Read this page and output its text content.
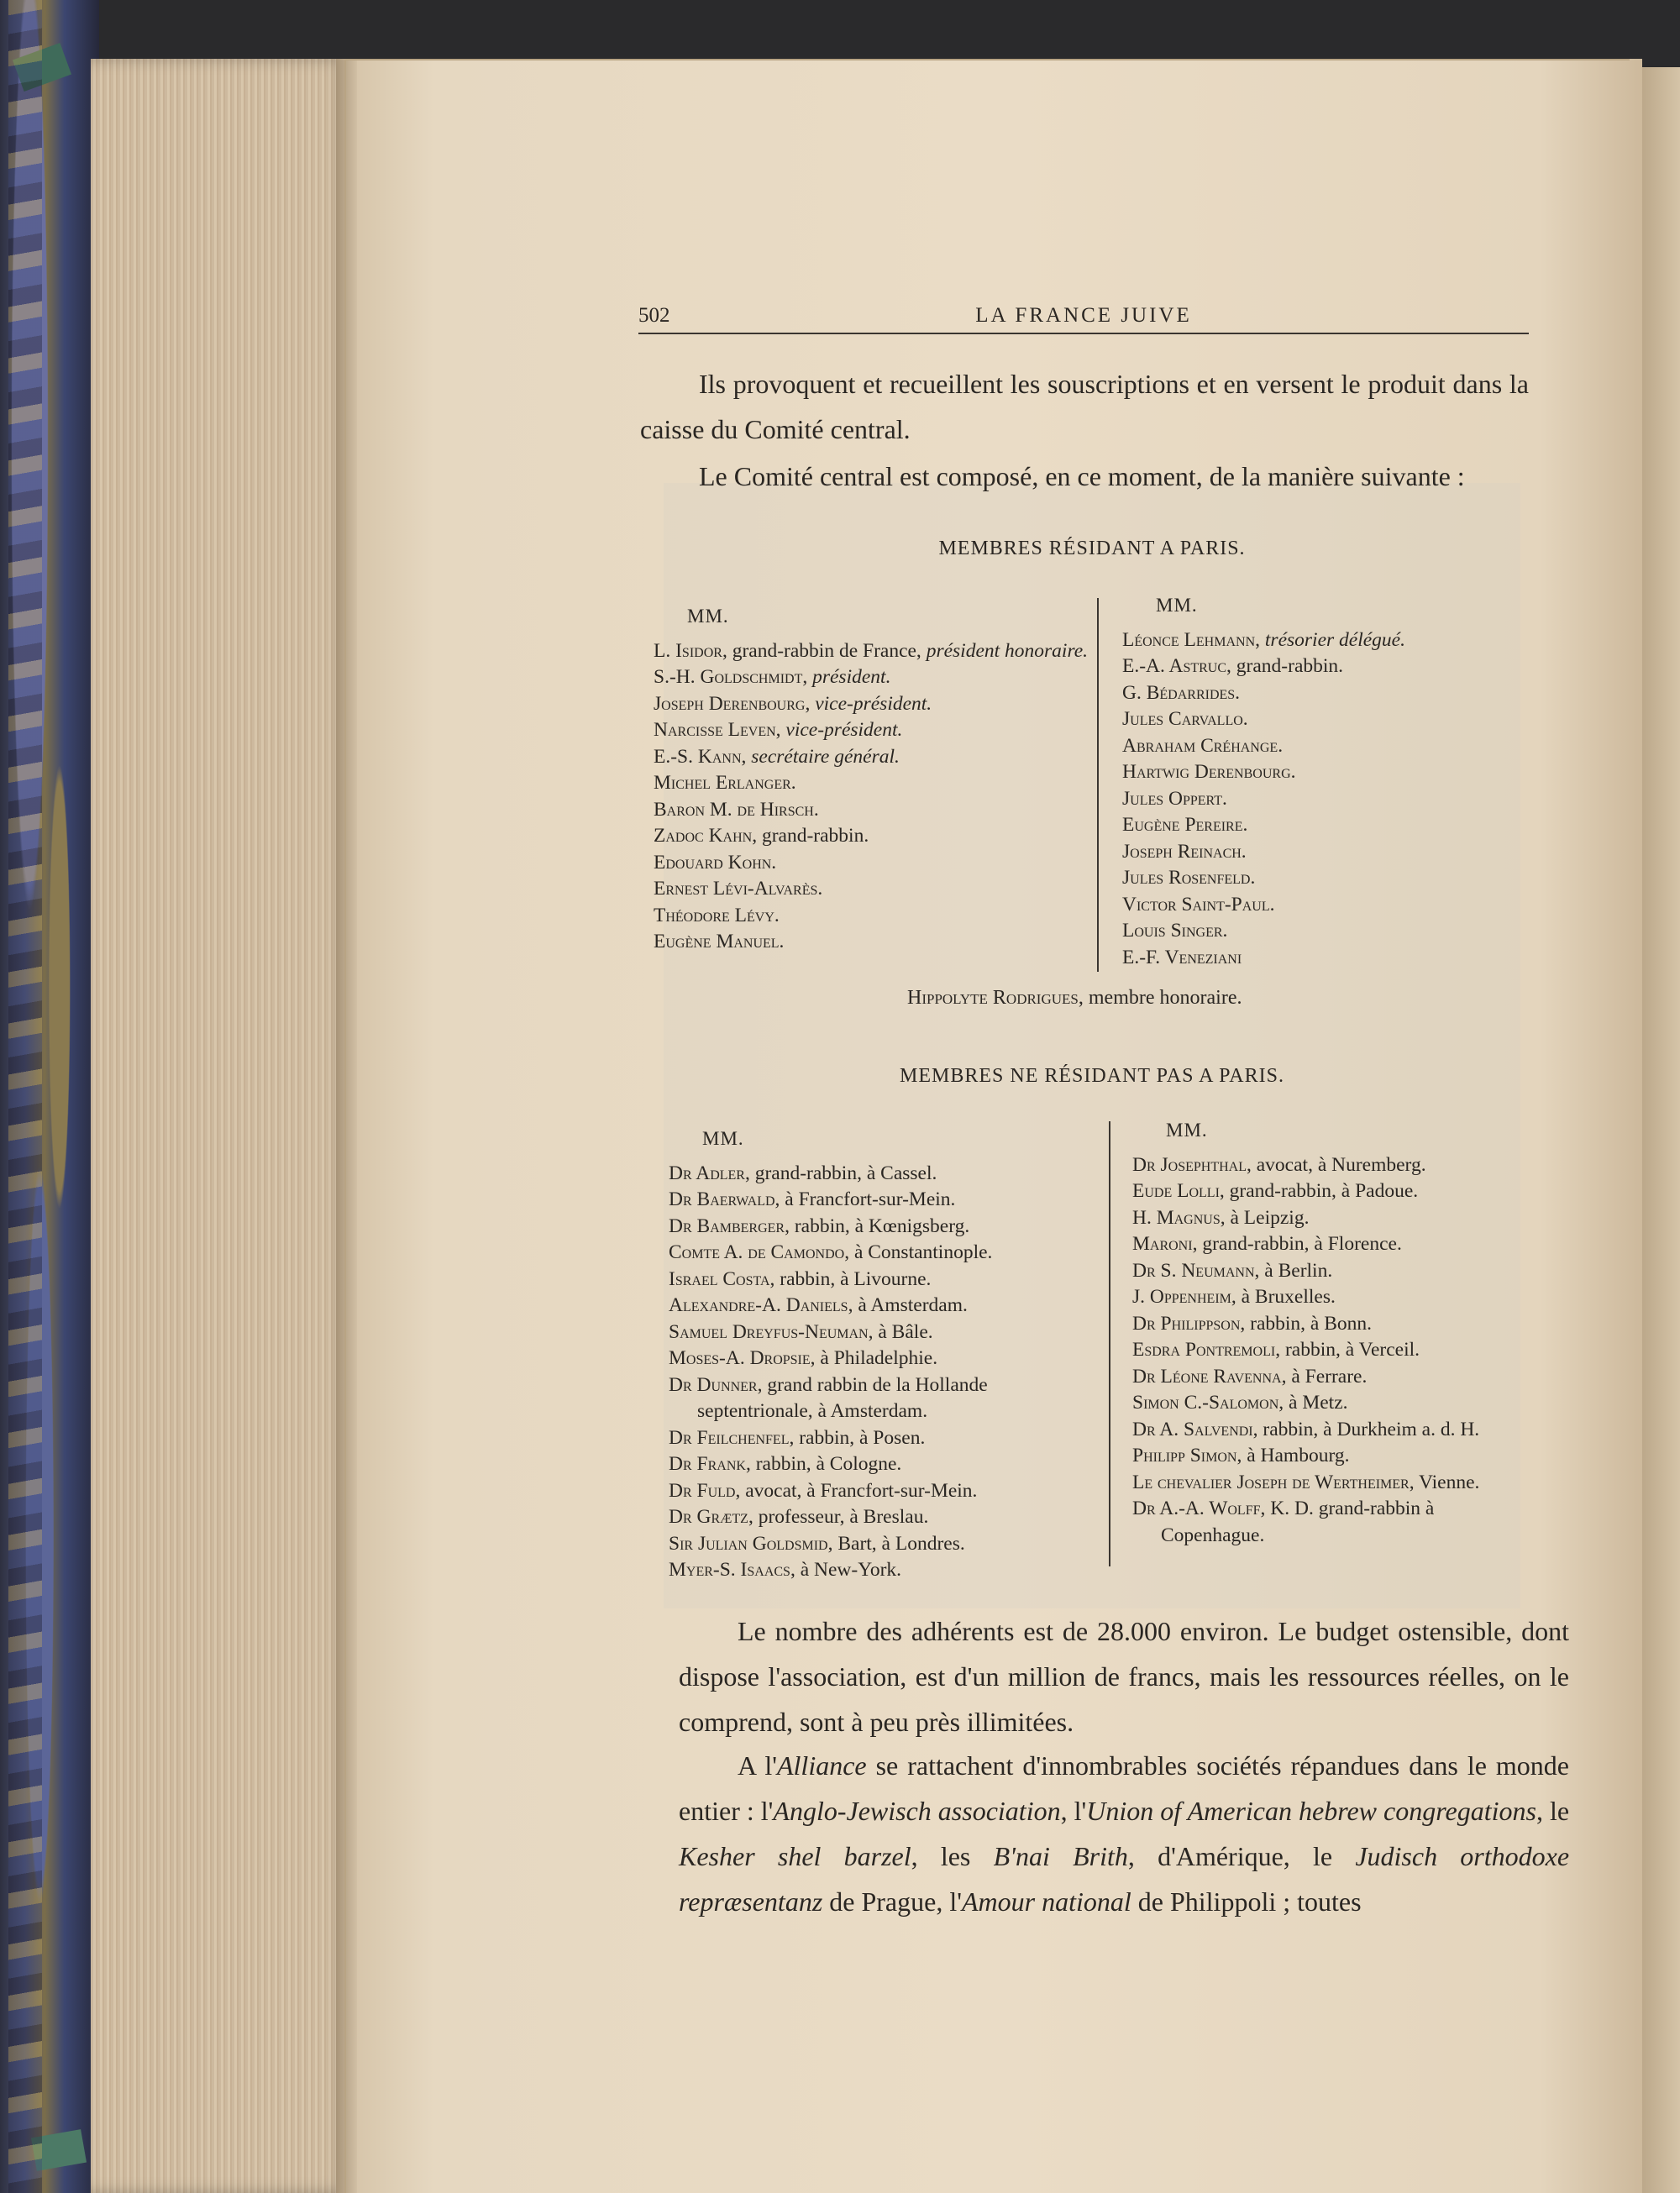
502	LA FRANCE JUIVE

Ils provoquent et recueillent les souscriptions et en versent le produit dans la caisse du Comité central.

Le Comité central est composé, en ce moment, de la manière suivante :

MEMBRES RÉSIDANT A PARIS.

MM.
L. Isidor, grand-rabbin de France, président honoraire.
S.-H. Goldschmidt, président.
Joseph Derenbourg, vice-président.
Narcisse Leven, vice-président.
E.-S. Kann, secrétaire général.
Michel Erlanger.
Baron M. de Hirsch.
Zadoc Kahn, grand-rabbin.
Edouard Kohn.
Ernest Lévi-Alvarès.
Théodore Lévy.
Eugène Manuel.
MM.
Léonce Lehmann, trésorier délégué.
E.-A. Astruc, grand-rabbin.
G. Bédarrides.
Jules Carvallo.
Abraham Créhange.
Hartwig Derenbourg.
Jules Oppert.
Eugène Pereire.
Joseph Reinach.
Jules Rosenfeld.
Victor Saint-Paul.
Louis Singer.
E.-F. Veneziani
Hippolyte Rodrigues, membre honoraire.

MEMBRES NE RÉSIDANT PAS A PARIS.

MM.
Dr Adler, grand-rabbin, à Cassel.
Dr Baerwald, à Francfort-sur-Mein.
Dr Bamberger, rabbin, à Kœnigsberg.
Comte A. de Camondo, à Constantinople.
Israel Costa, rabbin, à Livourne.
Alexandre-A. Daniels, à Amsterdam.
Samuel Dreyfus-Neuman, à Bâle.
Moses-A. Dropsie, à Philadelphie.
Dr Dunner, grand rabbin de la Hollande septentrionale, à Amsterdam.
Dr Feilchenfel, rabbin, à Posen.
Dr Frank, rabbin, à Cologne.
Dr Fuld, avocat, à Francfort-sur-Mein.
Dr Grætz, professeur, à Breslau.
Sir Julian Goldsmid, Bart, à Londres.
Myer-S. Isaacs, à New-York.
MM.
Dr Josephthal, avocat, à Nuremberg.
Eude Lolli, grand-rabbin, à Padoue.
H. Magnus, à Leipzig.
Maroni, grand-rabbin, à Florence.
Dr S. Neumann, à Berlin.
J. Oppenheim, à Bruxelles.
Dr Philippson, rabbin, à Bonn.
Esdra Pontremoli, rabbin, à Verceil.
Dr Léone Ravenna, à Ferrare.
Simon C.-Salomon, à Metz.
Dr A. Salvendi, rabbin, à Durkheim a. d. H.
Philipp Simon, à Hambourg.
Le chevalier Joseph de Wertheimer, Vienne.
Dr A.-A. Wolff, K. D. grand-rabbin à Copenhague.

Le nombre des adhérents est de 28.000 environ. Le budget ostensible, dont dispose l'association, est d'un million de francs, mais les ressources réelles, on le comprend, sont à peu près illimitées.

A l'Alliance se rattachent d'innombrables sociétés répandues dans le monde entier : l'Anglo-Jewisch association, l'Union of American hebrew congregations, le Kesher shel barzel, les B'nai Brith, d'Amérique, le Judisch orthodoxe repræsentanz de Prague, l'Amour national de Philippoli ; toutes
